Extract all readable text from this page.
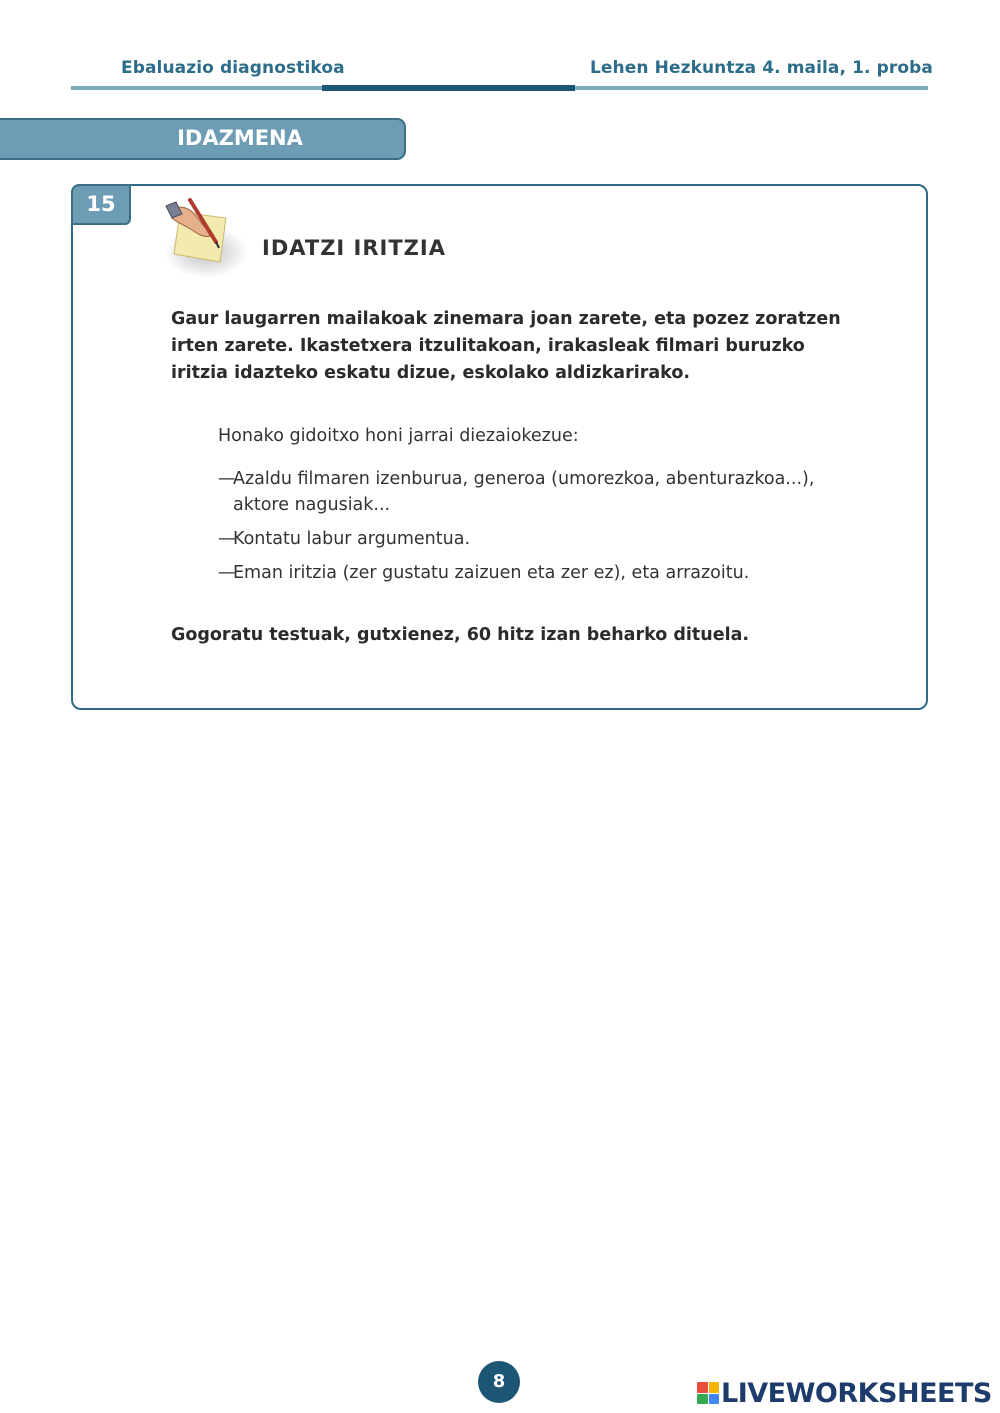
Ebaluazio diagnostikoa	Lehen Hezkuntza 4. maila, 1. proba
IDAZMENA
15
IDATZI IRITZIA
Gaur laugarren mailakoak zinemara joan zarete, eta pozez zoratzen irten zarete. Ikastetxera itzulitakoan, irakasleak filmari buruzko iritzia idazteko eskatu dizue, eskolako aldizkarirako.
Honako gidoitxo honi jarrai diezaiokezue:
—
Azaldu filmaren izenburua, generoa (umorezkoa, abenturazkoa...), aktore nagusiak...
—
Kontatu labur argumentua.
—
Eman iritzia (zer gustatu zaizuen eta zer ez), eta arrazoitu.
Gogoratu testuak, gutxienez, 60 hitz izan beharko dituela.
8	LIVEWORKSHEETS
